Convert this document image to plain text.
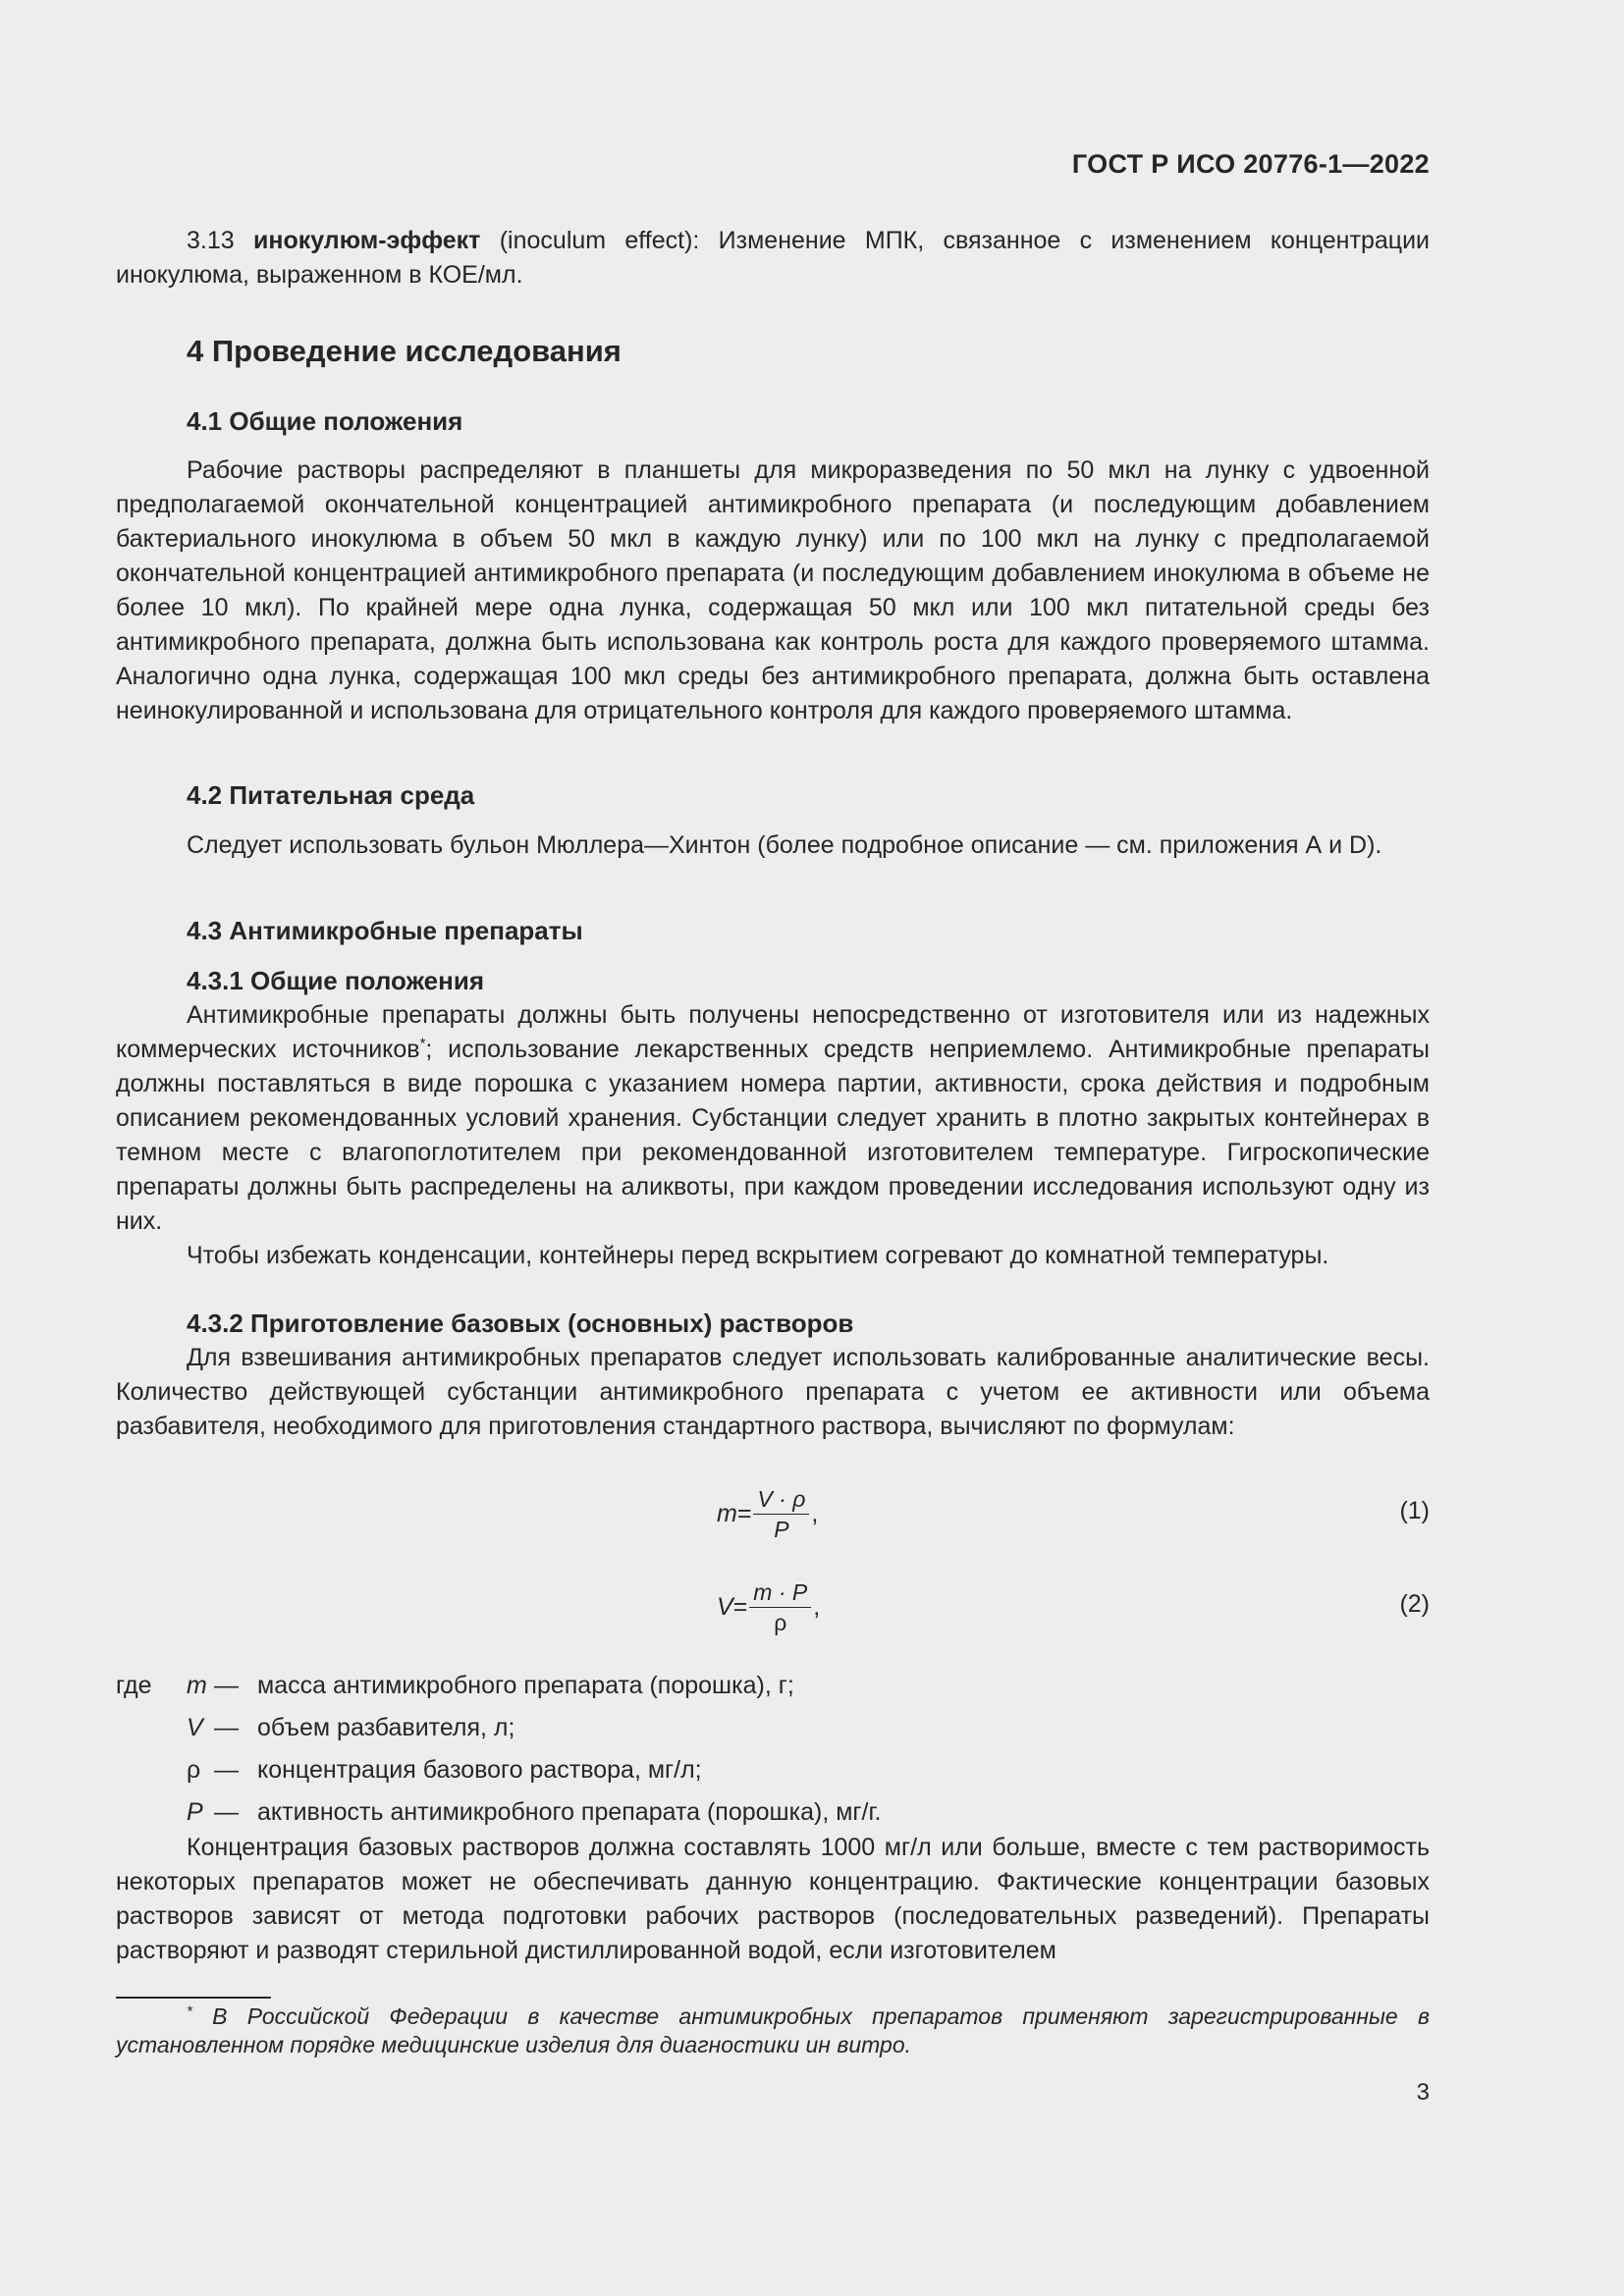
ГОСТ Р ИСО 20776-1—2022

3.13 инокулюм-эффект (inoculum effect): Изменение МПК, связанное с изменением концентрации инокулюма, выраженном в КОЕ/мл.

4 Проведение исследования
4.1 Общие положения

Рабочие растворы распределяют в планшеты для микроразведения по 50 мкл на лунку с удвоенной предполагаемой окончательной концентрацией антимикробного препарата (и последующим добавлением бактериального инокулюма в объем 50 мкл в каждую лунку) или по 100 мкл на лунку с предполагаемой окончательной концентрацией антимикробного препарата (и последующим добавлением инокулюма в объеме не более 10 мкл). По крайней мере одна лунка, содержащая 50 мкл или 100 мкл питательной среды без антимикробного препарата, должна быть использована как контроль роста для каждого проверяемого штамма. Аналогично одна лунка, содержащая 100 мкл среды без антимикробного препарата, должна быть оставлена неинокулированной и использована для отрицательного контроля для каждого проверяемого штамма.

4.2 Питательная среда

Следует использовать бульон Мюллера—Хинтон (более подробное описание — см. приложения А и D).

4.3 Антимикробные препараты
4.3.1 Общие положения

Антимикробные препараты должны быть получены непосредственно от изготовителя или из надежных коммерческих источников*; использование лекарственных средств неприемлемо. Антимикробные препараты должны поставляться в виде порошка с указанием номера партии, активности, срока действия и подробным описанием рекомендованных условий хранения. Субстанции следует хранить в плотно закрытых контейнерах в темном месте с влагопоглотителем при рекомендованной изготовителем температуре. Гигроскопические препараты должны быть распределены на аликвоты, при каждом проведении исследования используют одну из них.

Чтобы избежать конденсации, контейнеры перед вскрытием согревают до комнатной температуры.

4.3.2 Приготовление базовых (основных) растворов

Для взвешивания антимикробных препаратов следует использовать калиброванные аналитические весы. Количество действующей субстанции антимикробного препарата с учетом ее активности или объема разбавителя, необходимого для приготовления стандартного раствора, вычисляют по формулам:

$m = \frac{V \cdot \rho}{P}$ ,	(1)
$V = \frac{m \cdot P}{\rho}$ ,	(2)
где m — масса антимикробного препарата (порошка), г;
V — объем разбавителя, л;
ρ — концентрация базового раствора, мг/л;
P — активность антимикробного препарата (порошка), мг/г.

Концентрация базовых растворов должна составлять 1000 мг/л или больше, вместе с тем растворимость некоторых препаратов может не обеспечивать данную концентрацию. Фактические концентрации базовых растворов зависят от метода подготовки рабочих растворов (последовательных разведений). Препараты растворяют и разводят стерильной дистиллированной водой, если изготовителем

* В Российской Федерации в качестве антимикробных препаратов применяют зарегистрированные в установленном порядке медицинские изделия для диагностики ин витро.
3
